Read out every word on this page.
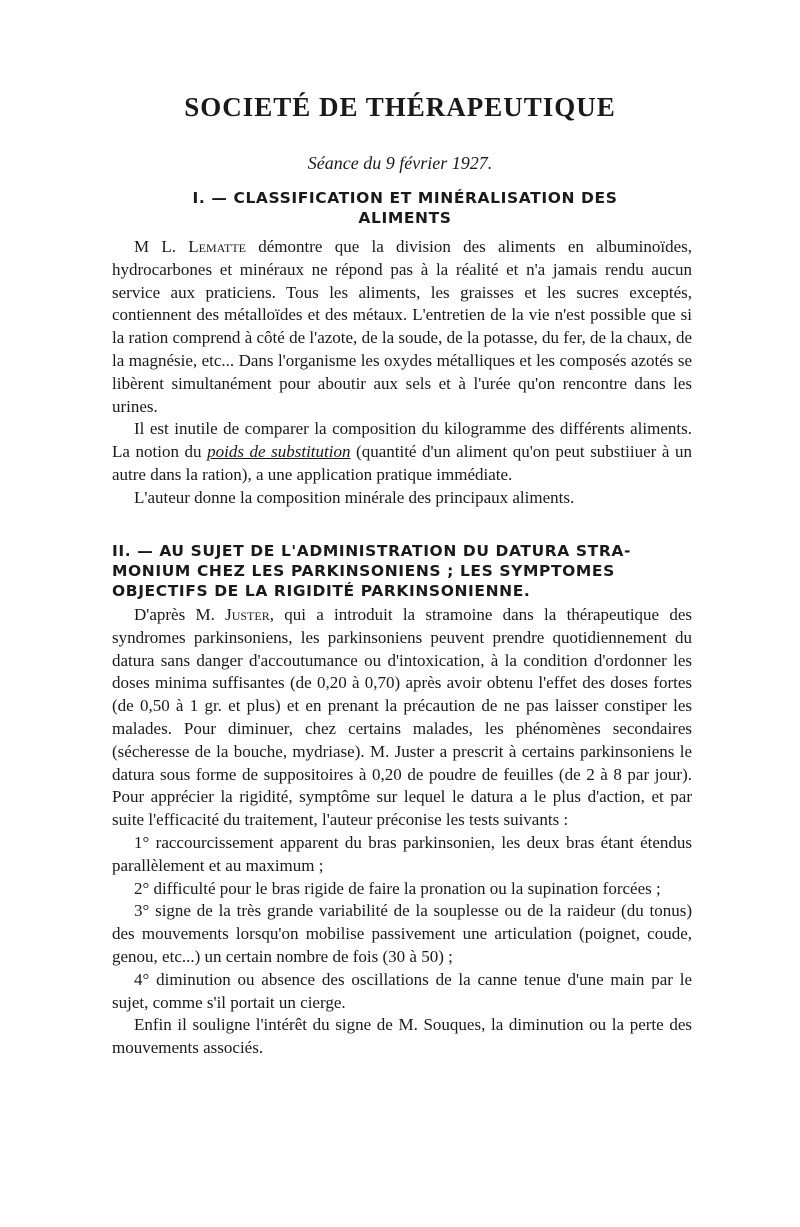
SOCIETÉ DE THÉRAPEUTIQUE
Séance du 9 février 1927.
I. — CLASSIFICATION ET MINÉRALISATION DES ALIMENTS

M L. Lematte démontre que la division des aliments en albuminoïdes, hydrocarbones et minéraux ne répond pas à la réalité et n'a jamais rendu aucun service aux praticiens. Tous les aliments, les graisses et les sucres exceptés, contiennent des métalloïdes et des métaux. L'entretien de la vie n'est possible que si la ration comprend à côté de l'azote, de la soude, de la potasse, du fer, de la chaux, de la magnésie, etc... Dans l'organisme les oxydes métalliques et les composés azotés se libèrent simultanément pour aboutir aux sels et à l'urée qu'on rencontre dans les urines.

Il est inutile de comparer la composition du kilogramme des différents aliments. La notion du poids de substitution (quantité d'un aliment qu'on peut substiiuer à un autre dans la ration), a une application pratique immédiate.

L'auteur donne la composition minérale des principaux aliments.

II. — AU SUJET DE L'ADMINISTRATION DU DATURA STRA-
MONIUM CHEZ LES PARKINSONIENS ; LES SYMPTOMES
OBJECTIFS DE LA RIGIDITÉ PARKINSONIENNE.

D'après M. Juster, qui a introduit la stramoine dans la thérapeutique des syndromes parkinsoniens, les parkinsoniens peuvent prendre quotidiennement du datura sans danger d'accoutumance ou d'intoxication, à la condition d'ordonner les doses minima suffisantes (de 0,20 à 0,70) après avoir obtenu l'effet des doses fortes (de 0,50 à 1 gr. et plus) et en prenant la précaution de ne pas laisser constiper les malades. Pour diminuer, chez certains malades, les phénomènes secondaires (sécheresse de la bouche, mydriase). M. Juster a prescrit à certains parkinsoniens le datura sous forme de suppositoires à 0,20 de poudre de feuilles (de 2 à 8 par jour). Pour apprécier la rigidité, symptôme sur lequel le datura a le plus d'action, et par suite l'efficacité du traitement, l'auteur préconise les tests suivants :

1° raccourcissement apparent du bras parkinsonien, les deux bras étant étendus parallèlement et au maximum ;

2° difficulté pour le bras rigide de faire la pronation ou la supination forcées ;

3° signe de la très grande variabilité de la souplesse ou de la raideur (du tonus) des mouvements lorsqu'on mobilise passivement une articulation (poignet, coude, genou, etc...) un certain nombre de fois (30 à 50) ;

4° diminution ou absence des oscillations de la canne tenue d'une main par le sujet, comme s'il portait un cierge.

Enfin il souligne l'intérêt du signe de M. Souques, la diminution ou la perte des mouvements associés.
